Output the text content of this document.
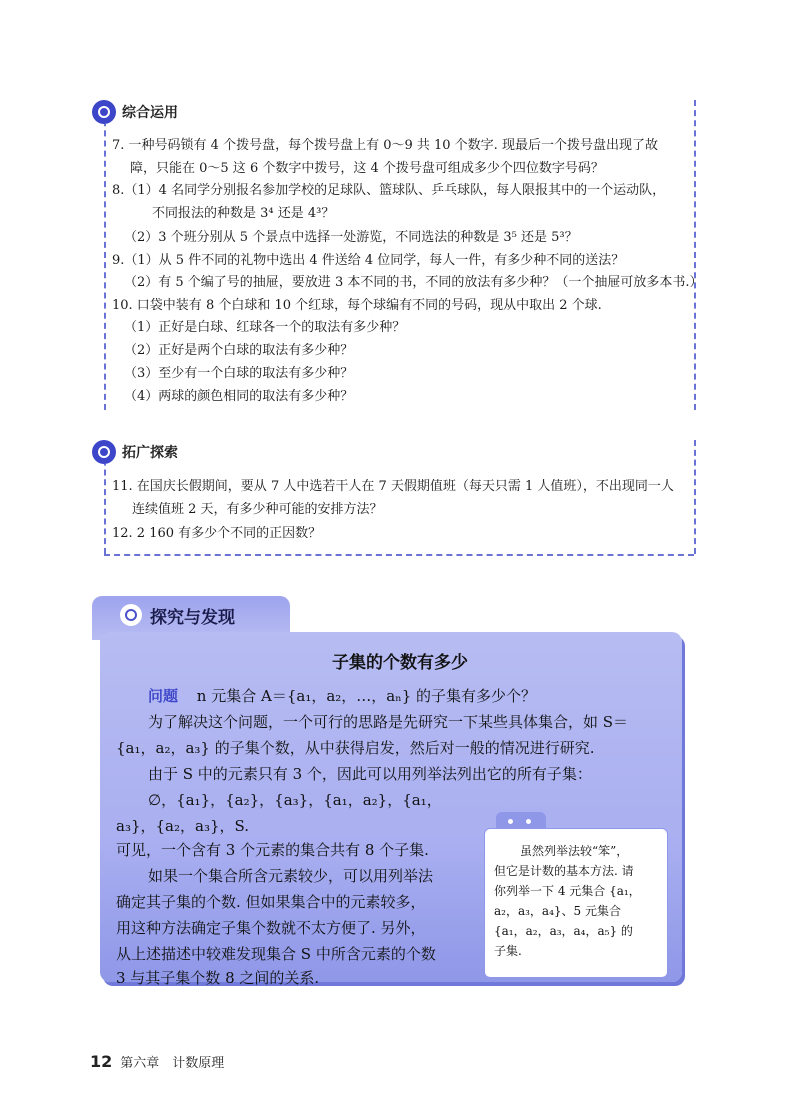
综合运用
7. 一种号码锁有 4 个拨号盘，每个拨号盘上有 0～9 共 10 个数字. 现最后一个拨号盘出现了故
障，只能在 0～5 这 6 个数字中拨号，这 4 个拨号盘可组成多少个四位数字号码？
8.（1）4 名同学分别报名参加学校的足球队、篮球队、乒乓球队，每人限报其中的一个运动队，
不同报法的种数是 3⁴ 还是 4³？
（2）3 个班分别从 5 个景点中选择一处游览，不同选法的种数是 3⁵ 还是 5³？
9.（1）从 5 件不同的礼物中选出 4 件送给 4 位同学，每人一件，有多少种不同的送法？
（2）有 5 个编了号的抽屉，要放进 3 本不同的书，不同的放法有多少种？（一个抽屉可放多本书.）
10. 口袋中装有 8 个白球和 10 个红球，每个球编有不同的号码，现从中取出 2 个球.
（1）正好是白球、红球各一个的取法有多少种？
（2）正好是两个白球的取法有多少种？
（3）至少有一个白球的取法有多少种？
（4）两球的颜色相同的取法有多少种？
拓广探索
11. 在国庆长假期间，要从 7 人中选若干人在 7 天假期值班（每天只需 1 人值班），不出现同一人
连续值班 2 天，有多少种可能的安排方法？
12. 2 160 有多少个不同的正因数？
探究与发现
子集的个数有多少
问题 n 元集合 A＝{a₁，a₂，…，aₙ} 的子集有多少个？
为了解决这个问题，一个可行的思路是先研究一下某些具体集合，如 S＝
{a₁，a₂，a₃} 的子集个数，从中获得启发，然后对一般的情况进行研究.
由于 S 中的元素只有 3 个，因此可以用列举法列出它的所有子集：
∅，{a₁}，{a₂}，{a₃}，{a₁，a₂}，{a₁，
a₃}，{a₂，a₃}，S.
可见，一个含有 3 个元素的集合共有 8 个子集.
如果一个集合所含元素较少，可以用列举法
确定其子集的个数. 但如果集合中的元素较多，
用这种方法确定子集个数就不太方便了. 另外，
从上述描述中较难发现集合 S 中所含元素的个数
3 与其子集个数 8 之间的关系.
虽然列举法较“笨”，
但它是计数的基本方法. 请
你列举一下 4 元集合 {a₁，
a₂，a₃，a₄}、5 元集合
{a₁，a₂，a₃，a₄，a₅} 的
子集.
12 第六章　计数原理
